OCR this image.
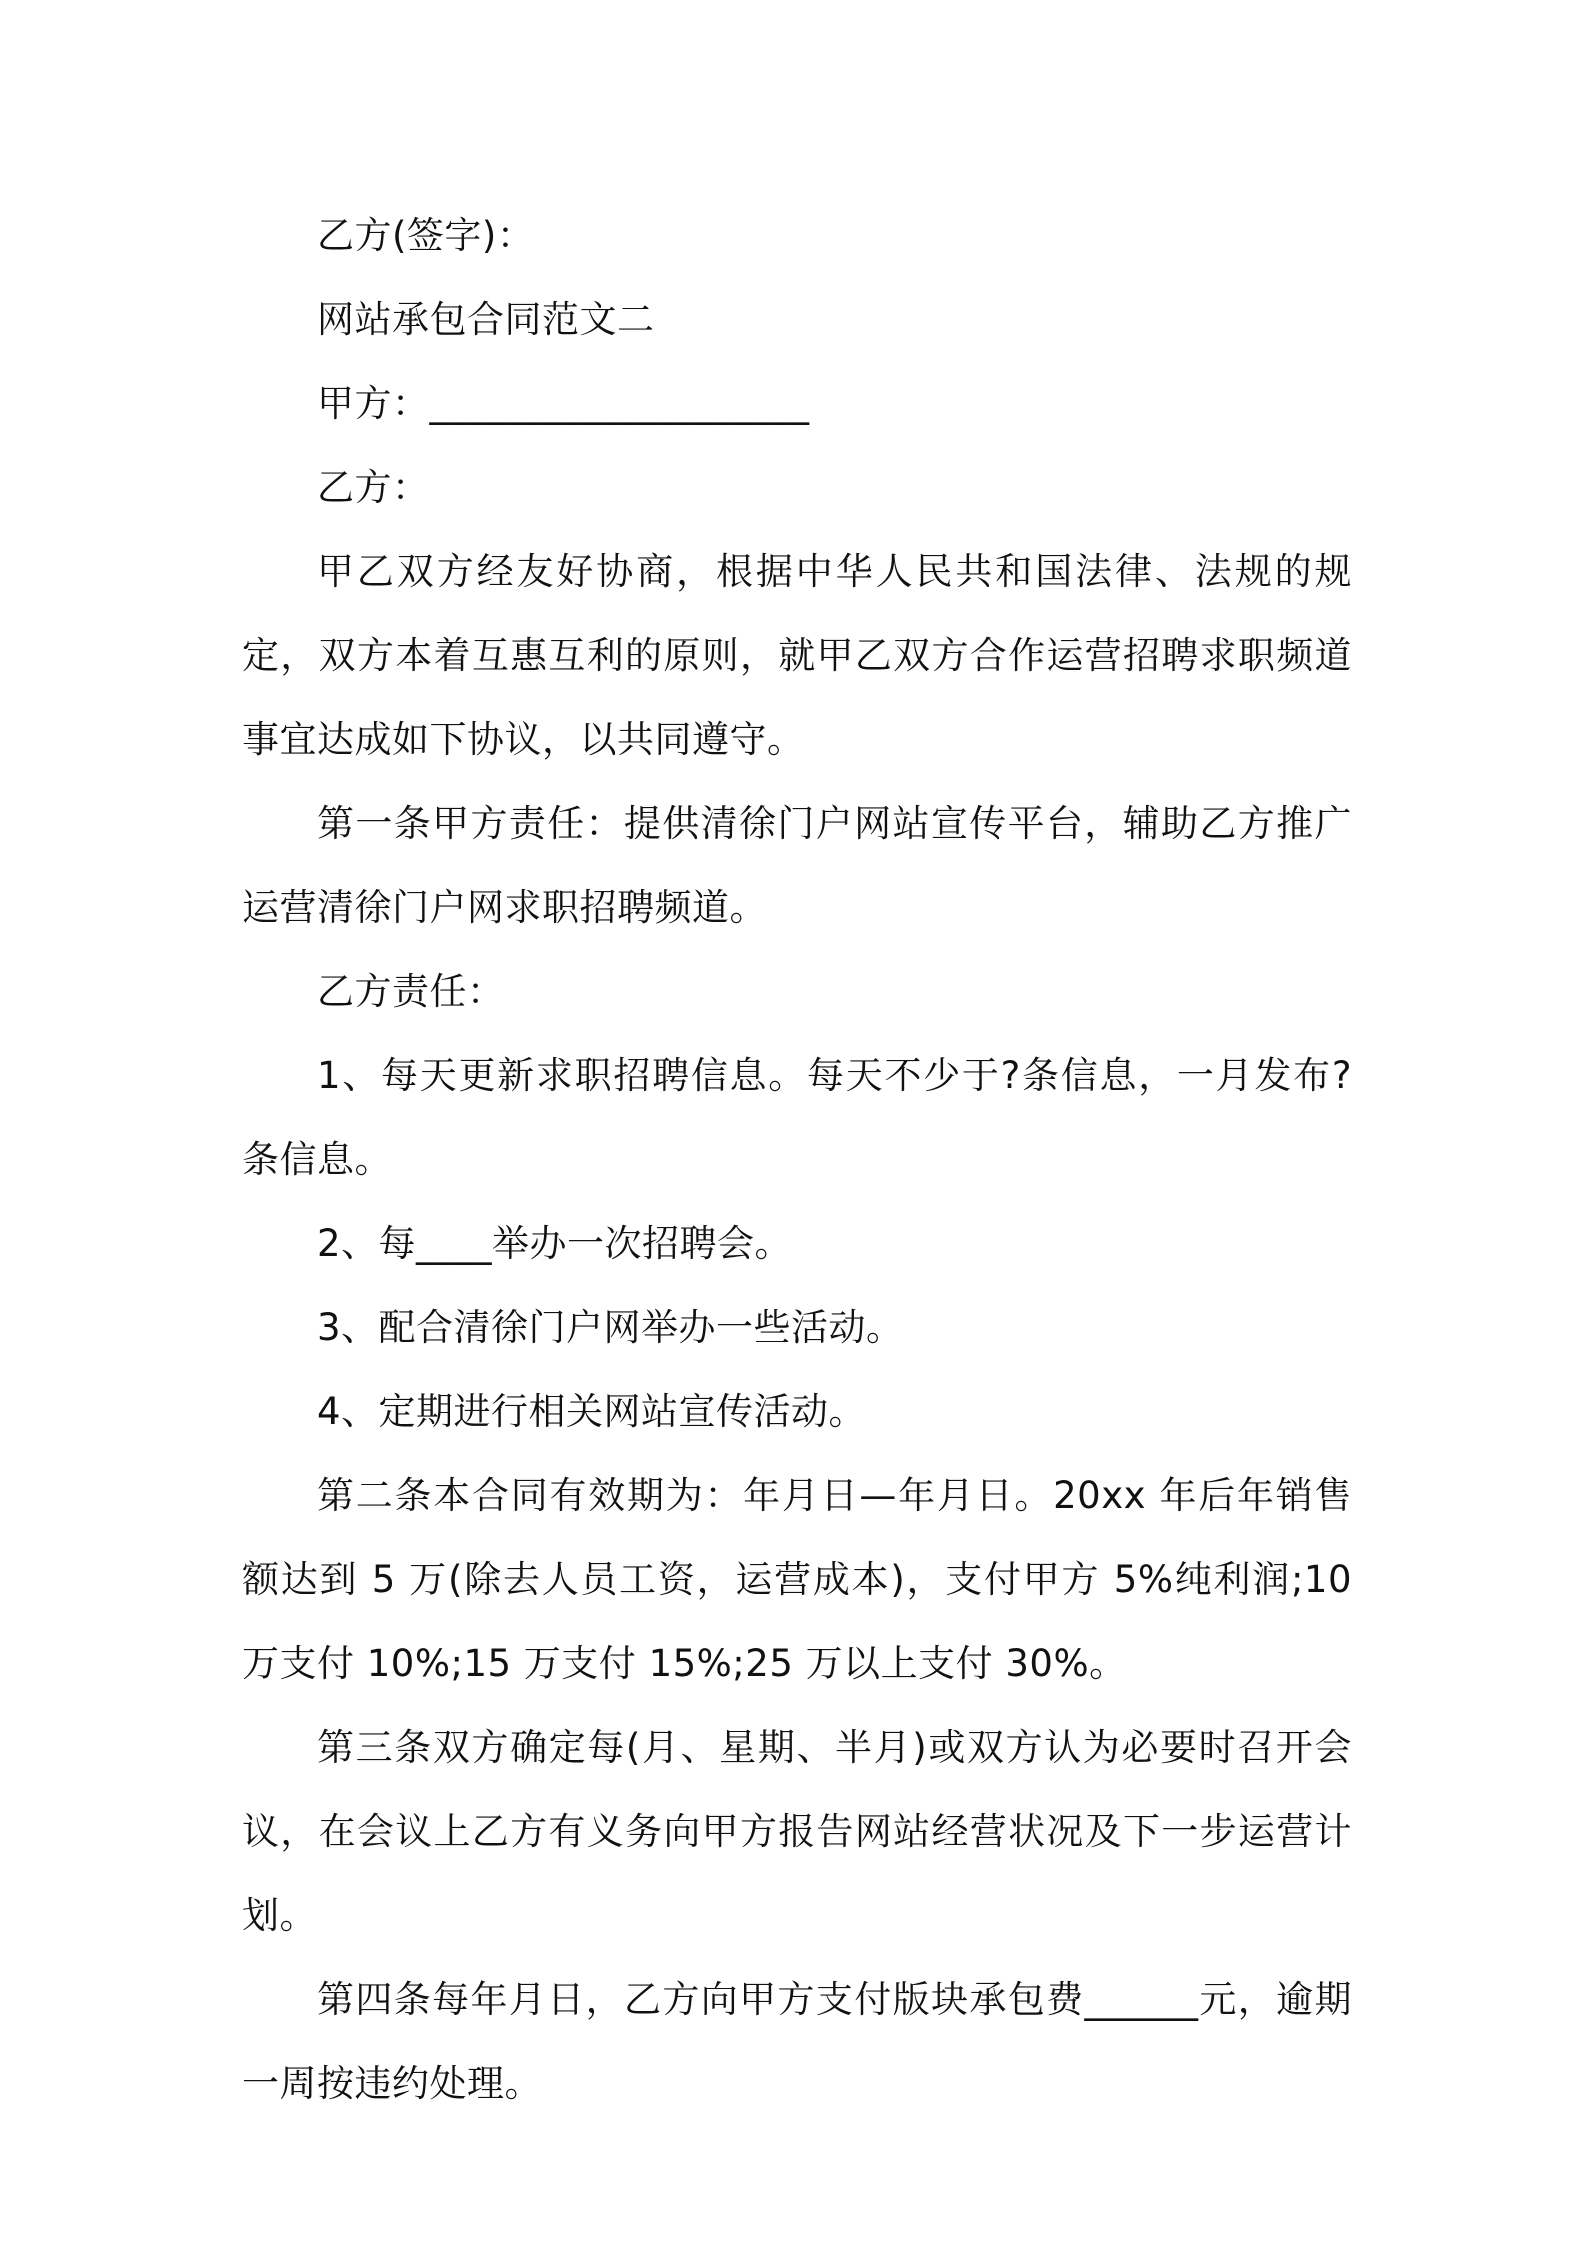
乙方(签字)：

网站承包合同范文二

甲方：____________________

乙方：

甲乙双方经友好协商，根据中华人民共和国法律、法规的规定，双方本着互惠互利的原则，就甲乙双方合作运营招聘求职频道事宜达成如下协议，以共同遵守。

第一条甲方责任：提供清徐门户网站宣传平台，辅助乙方推广运营清徐门户网求职招聘频道。

乙方责任：

1、每天更新求职招聘信息。每天不少于?条信息，一月发布?条信息。

2、每____举办一次招聘会。

3、配合清徐门户网举办一些活动。

4、定期进行相关网站宣传活动。

第二条本合同有效期为：年月日—年月日。20xx 年后年销售额达到 5 万(除去人员工资，运营成本)，支付甲方 5%纯利润;10 万支付 10%;15 万支付 15%;25 万以上支付 30%。

第三条双方确定每(月、星期、半月)或双方认为必要时召开会议，在会议上乙方有义务向甲方报告网站经营状况及下一步运营计划。

第四条每年月日，乙方向甲方支付版块承包费______元，逾期一周按违约处理。
